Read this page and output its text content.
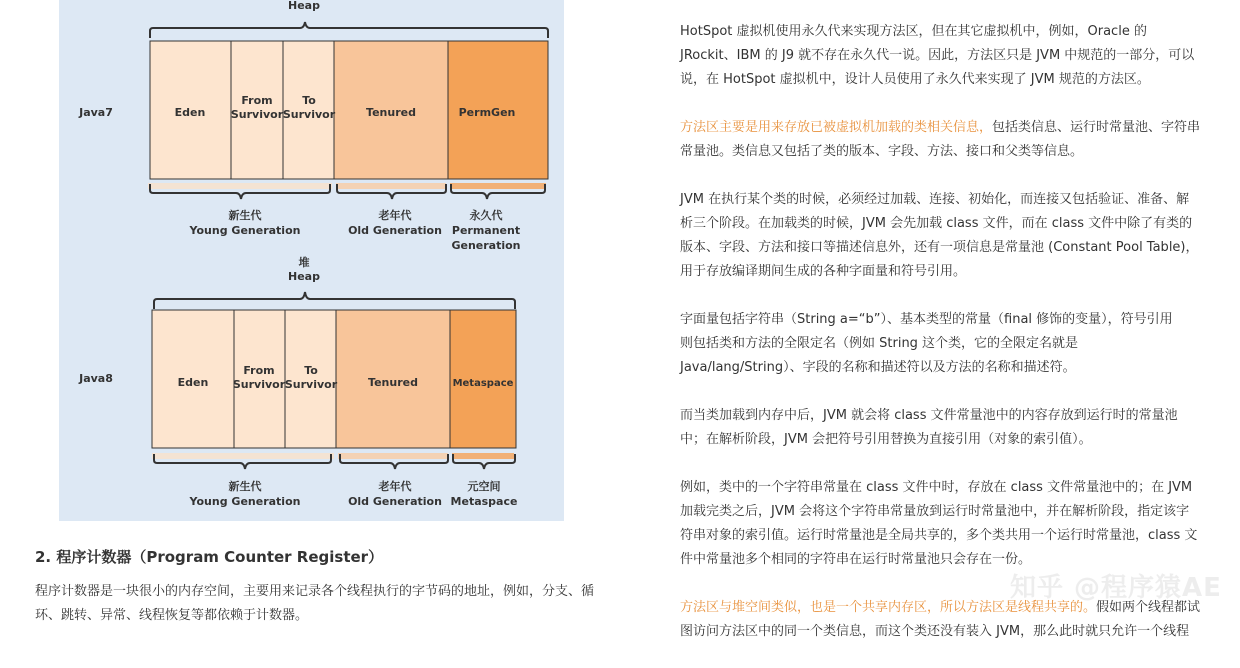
Heap
Java7	Eden
From
Survivor
To
Survivor	Tenured	PermGen
新生代
Young Generation
老年代
Old Generation
永久代
Permanent
Generation
堆
Heap
Java8	Eden
From
Survivor
To
Survivor	Tenured	Metaspace
新生代
Young Generation
老年代
Old Generation
元空间
Metaspace
2. 程序计数器（Program Counter Register）

程序计数器是一块很小的内存空间，主要用来记录各个线程执行的字节码的地址，例如，分支、循环、跳转、异常、线程恢复等都依赖于计数器。

HotSpot 虚拟机使用永久代来实现方法区，但在其它虚拟机中，例如，Oracle 的
JRockit、IBM 的 J9 就不存在永久代一说。因此，方法区只是 JVM 中规范的一部分，可以
说，在 HotSpot 虚拟机中，设计人员使用了永久代来实现了 JVM 规范的方法区。

方法区主要是用来存放已被虚拟机加载的类相关信息，包括类信息、运行时常量池、字符串
常量池。类信息又包括了类的版本、字段、方法、接口和父类等信息。

JVM 在执行某个类的时候，必须经过加载、连接、初始化，而连接又包括验证、准备、解
析三个阶段。在加载类的时候，JVM 会先加载 class 文件，而在 class 文件中除了有类的
版本、字段、方法和接口等描述信息外，还有一项信息是常量池 (Constant Pool Table)，
用于存放编译期间生成的各种字面量和符号引用。

字面量包括字符串（String a=“b”）、基本类型的常量（final 修饰的变量），符号引用
则包括类和方法的全限定名（例如 String 这个类，它的全限定名就是
Java/lang/String）、字段的名称和描述符以及方法的名称和描述符。

而当类加载到内存中后，JVM 就会将 class 文件常量池中的内容存放到运行时的常量池
中；在解析阶段，JVM 会把符号引用替换为直接引用（对象的索引值）。

例如，类中的一个字符串常量在 class 文件中时，存放在 class 文件常量池中的；在 JVM
加载完类之后，JVM 会将这个字符串常量放到运行时常量池中，并在解析阶段，指定该字
符串对象的索引值。运行时常量池是全局共享的，多个类共用一个运行时常量池，class 文
件中常量池多个相同的字符串在运行时常量池只会存在一份。

方法区与堆空间类似，也是一个共享内存区，所以方法区是线程共享的。假如两个线程都试
图访问方法区中的同一个类信息，而这个类还没有装入 JVM，那么此时就只允许一个线程

知乎 @程序猿AE
